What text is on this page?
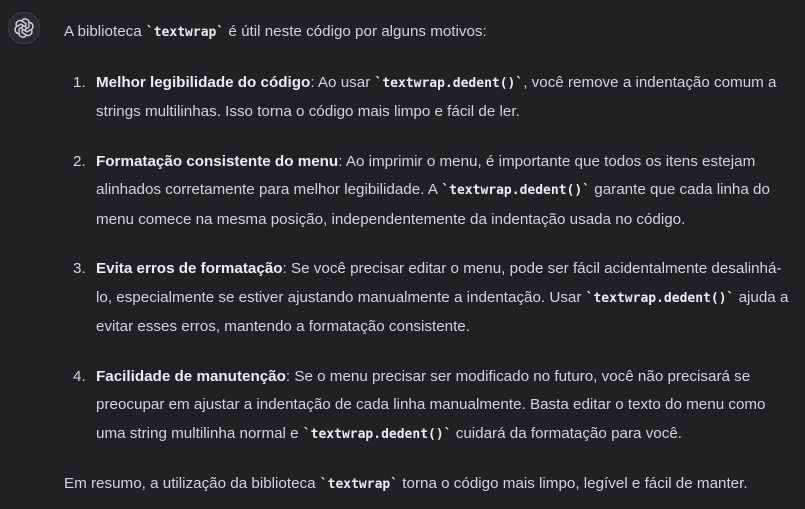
A biblioteca `textwrap` é útil neste código por alguns motivos:

1. Melhor legibilidade do código: Ao usar `textwrap.dedent()`, você remove a indentação comum a strings multilinhas. Isso torna o código mais limpo e fácil de ler.
2. Formatação consistente do menu: Ao imprimir o menu, é importante que todos os itens estejam alinhados corretamente para melhor legibilidade. A `textwrap.dedent()` garante que cada linha do menu comece na mesma posição, independentemente da indentação usada no código.
3. Evita erros de formatação: Se você precisar editar o menu, pode ser fácil acidentalmente desalinhá-lo, especialmente se estiver ajustando manualmente a indentação. Usar `textwrap.dedent()` ajuda a evitar esses erros, mantendo a formatação consistente.
4. Facilidade de manutenção: Se o menu precisar ser modificado no futuro, você não precisará se preocupar em ajustar a indentação de cada linha manualmente. Basta editar o texto do menu como uma string multilinha normal e `textwrap.dedent()` cuidará da formatação para você.

Em resumo, a utilização da biblioteca `textwrap` torna o código mais limpo, legível e fácil de manter.
